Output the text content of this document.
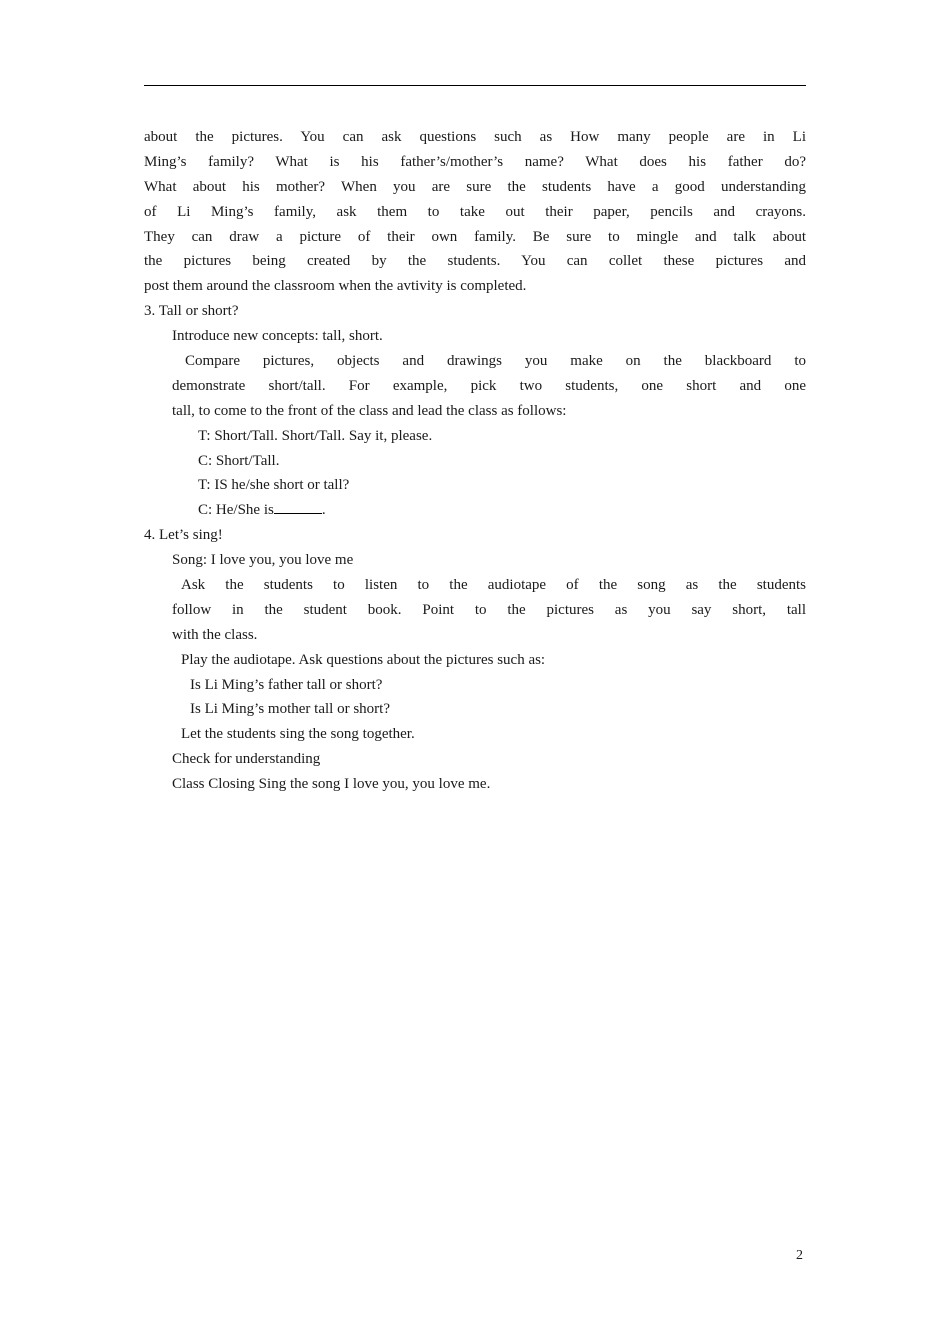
about the pictures. You can ask questions such as How many people are in Li
Ming’s family? What is his father’s/mother’s name? What does his father do?
What about his mother? When you are sure the students have a good understanding
of Li Ming’s family, ask them to take out their paper, pencils and crayons.
They can draw a picture of their own family. Be sure to mingle and talk about
the pictures being created by the students. You can collet these pictures and
post them around the classroom when the avtivity is completed.
3. Tall or short?
Introduce new concepts: tall, short.
Compare pictures, objects and drawings you make on the blackboard to
demonstrate short/tall. For example, pick two students, one short and one
tall, to come to the front of the class and lead the class as follows:
T: Short/Tall. Short/Tall. Say it, please.
C: Short/Tall.
T: IS he/she short or tall?
C: He/She is	.
4. Let’s sing!
Song: I love you, you love me
Ask the students to listen to the audiotape of the song as the students
follow in the student book. Point to the pictures as you say short, tall
with the class.
Play the audiotape. Ask questions about the pictures such as:
Is Li Ming’s father tall or short?
Is Li Ming’s mother tall or short?
Let the students sing the song together.
Check for understanding
Class Closing Sing the song I love you, you love me.
2
